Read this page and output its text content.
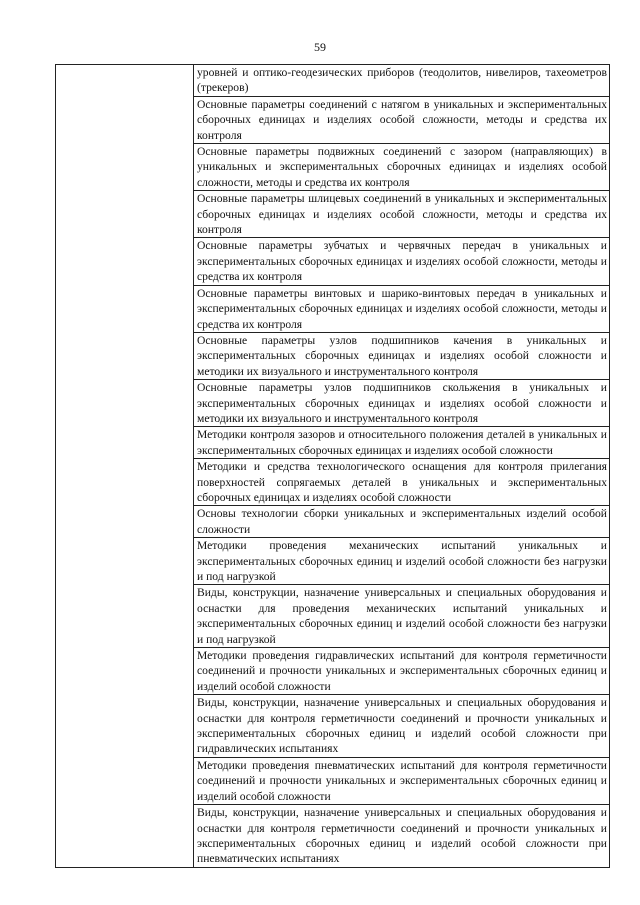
59

уровней и оптико-геодезических приборов (теодолитов, нивелиров, тахеометров (трекеров)

Основные параметры соединений с натягом в уникальных и экспериментальных сборочных единицах и изделиях особой сложности, методы и средства их контроля

Основные параметры подвижных соединений с зазором (направляющих) в уникальных и экспериментальных сборочных единицах и изделиях особой сложности, методы и средства их контроля

Основные параметры шлицевых соединений в уникальных и экспериментальных сборочных единицах и изделиях особой сложности, методы и средства их контроля

Основные параметры зубчатых и червячных передач в уникальных и экспериментальных сборочных единицах и изделиях особой сложности, методы и средства их контроля

Основные параметры винтовых и шарико-винтовых передач в уникальных и экспериментальных сборочных единицах и изделиях особой сложности, методы и средства их контроля

Основные параметры узлов подшипников качения в уникальных и экспериментальных сборочных единицах и изделиях особой сложности и методики их визуального и инструментального контроля

Основные параметры узлов подшипников скольжения в уникальных и экспериментальных сборочных единицах и изделиях особой сложности и методики их визуального и инструментального контроля

Методики контроля зазоров и относительного положения деталей в уникальных и экспериментальных сборочных единицах и изделиях особой сложности

Методики и средства технологического оснащения для контроля прилегания поверхностей сопрягаемых деталей в уникальных и экспериментальных сборочных единицах и изделиях особой сложности

Основы технологии сборки уникальных и экспериментальных изделий особой сложности

Методики проведения механических испытаний уникальных и экспериментальных сборочных единиц и изделий особой сложности без нагрузки и под нагрузкой

Виды, конструкции, назначение универсальных и специальных оборудования и оснастки для проведения механических испытаний уникальных и экспериментальных сборочных единиц и изделий особой сложности без нагрузки и под нагрузкой

Методики проведения гидравлических испытаний для контроля герметичности соединений и прочности уникальных и экспериментальных сборочных единиц и изделий особой сложности

Виды, конструкции, назначение универсальных и специальных оборудования и оснастки для контроля герметичности соединений и прочности уникальных и экспериментальных сборочных единиц и изделий особой сложности при гидравлических испытаниях

Методики проведения пневматических испытаний для контроля герметичности соединений и прочности уникальных и экспериментальных сборочных единиц и изделий особой сложности

Виды, конструкции, назначение универсальных и специальных оборудования и оснастки для контроля герметичности соединений и прочности уникальных и экспериментальных сборочных единиц и изделий особой сложности при пневматических испытаниях
